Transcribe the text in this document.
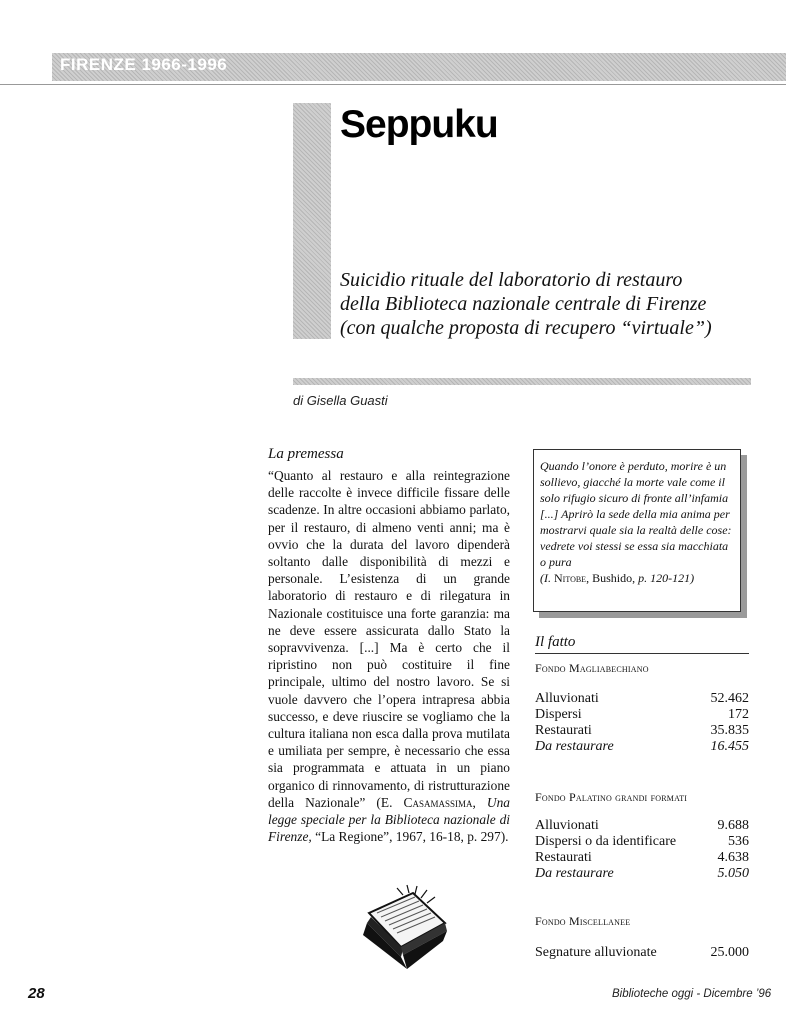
FIRENZE 1966-1996
Seppuku
Suicidio rituale del laboratorio di restauro
della Biblioteca nazionale centrale di Firenze
(con qualche proposta di recupero “virtuale”)
di Gisella Guasti
La premessa

“Quanto al restauro e alla reintegrazione delle raccolte è invece difficile fissare delle scadenze. In altre occasioni abbiamo parlato, per il restauro, di almeno venti anni; ma è ovvio che la durata del lavoro dipenderà soltanto dalle disponibilità di mezzi e personale. L’esistenza di un grande laboratorio di restauro e di rilegatura in Nazionale costituisce una forte garanzia: ma ne deve essere assicurata dallo Stato la sopravvivenza. [...] Ma è certo che il ripristino non può costituire il fine principale, ultimo del nostro lavoro. Se si vuole davvero che l’opera intrapresa abbia successo, e deve riuscire se vogliamo che la cultura italiana non esca dalla prova mutilata e umiliata per sempre, è necessario che essa sia programmata e attuata in un piano organico di rinnovamento, di ristrutturazione della Nazionale” (E. Casamassima, Una legge speciale per la Biblioteca nazionale di Firenze, “La Regione”, 1967, 16-18, p. 297).

Quando l’onore è perduto, morire è un sollievo, giacché la morte vale come il solo rifugio sicuro di fronte all’infamia [...] Aprirò la sede della mia anima per mostrarvi quale sia la realtà delle cose: vedrete voi stessi se essa sia macchiata o pura

(I. Nitobe, Bushido, p. 120-121)

Il fatto
Fondo Magliabechiano
Alluvionati	52.462
Dispersi	172
Restaurati	35.835
Da restaurare	16.455
Fondo Palatino grandi formati
Alluvionati	9.688
Dispersi o da identificare	536
Restaurati	4.638
Da restaurare	5.050
Fondo Miscellanee
Segnature alluvionate	25.000
28	Biblioteche oggi - Dicembre ’96
